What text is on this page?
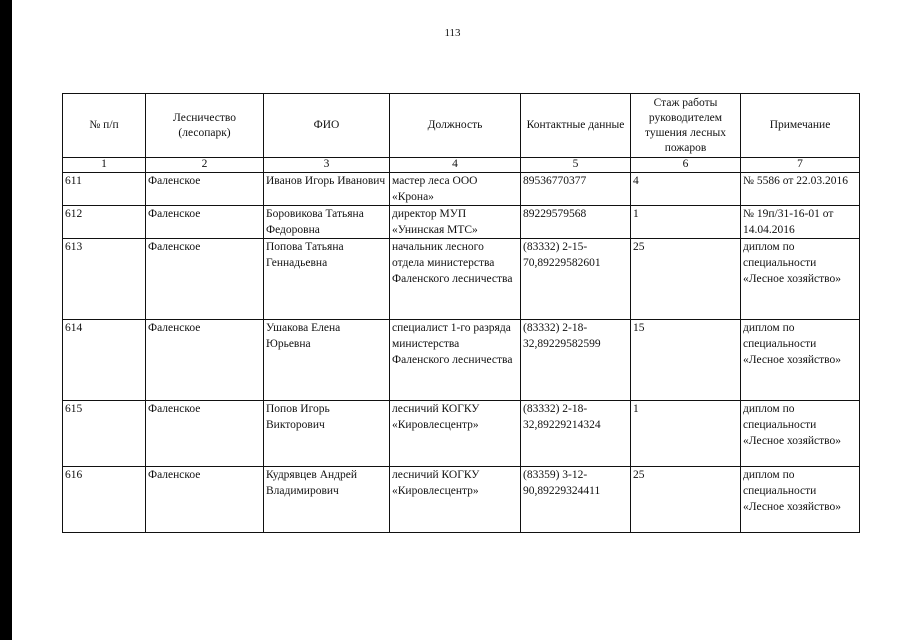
113
№ п/п	Лесничество (лесопарк)	ФИО	Должность	Контактные данные	Стаж работы руководителем тушения лесных пожаров	Примечание
1	2	3	4	5	6	7
611	Фаленское	Иванов Игорь Иванович	мастер леса ООО «Крона»	89536770377	4	№ 5586 от 22.03.2016
612	Фаленское	Боровикова Татьяна Федоровна	директор МУП «Унинская МТС»	89229579568	1	№ 19п/31-16-01 от 14.04.2016
613	Фаленское	Попова Татьяна Геннадьевна	начальник лесного отдела министерства Фаленского лесничества	(83332) 2-15-70,89229582601	25	диплом по специальности «Лесное хозяйство»
614	Фаленское	Ушакова Елена Юрьевна	специалист 1-го разряда министерства Фаленского лесничества	(83332) 2-18-32,89229582599	15	диплом по специальности «Лесное хозяйство»
615	Фаленское	Попов Игорь Викторович	лесничий КОГКУ «Кировлесцентр»	(83332) 2-18-32,89229214324	1	диплом по специальности «Лесное хозяйство»
616	Фаленское	Кудрявцев Андрей Владимирович	лесничий КОГКУ «Кировлесцентр»	(83359) 3-12-90,89229324411	25	диплом по специальности «Лесное хозяйство»
